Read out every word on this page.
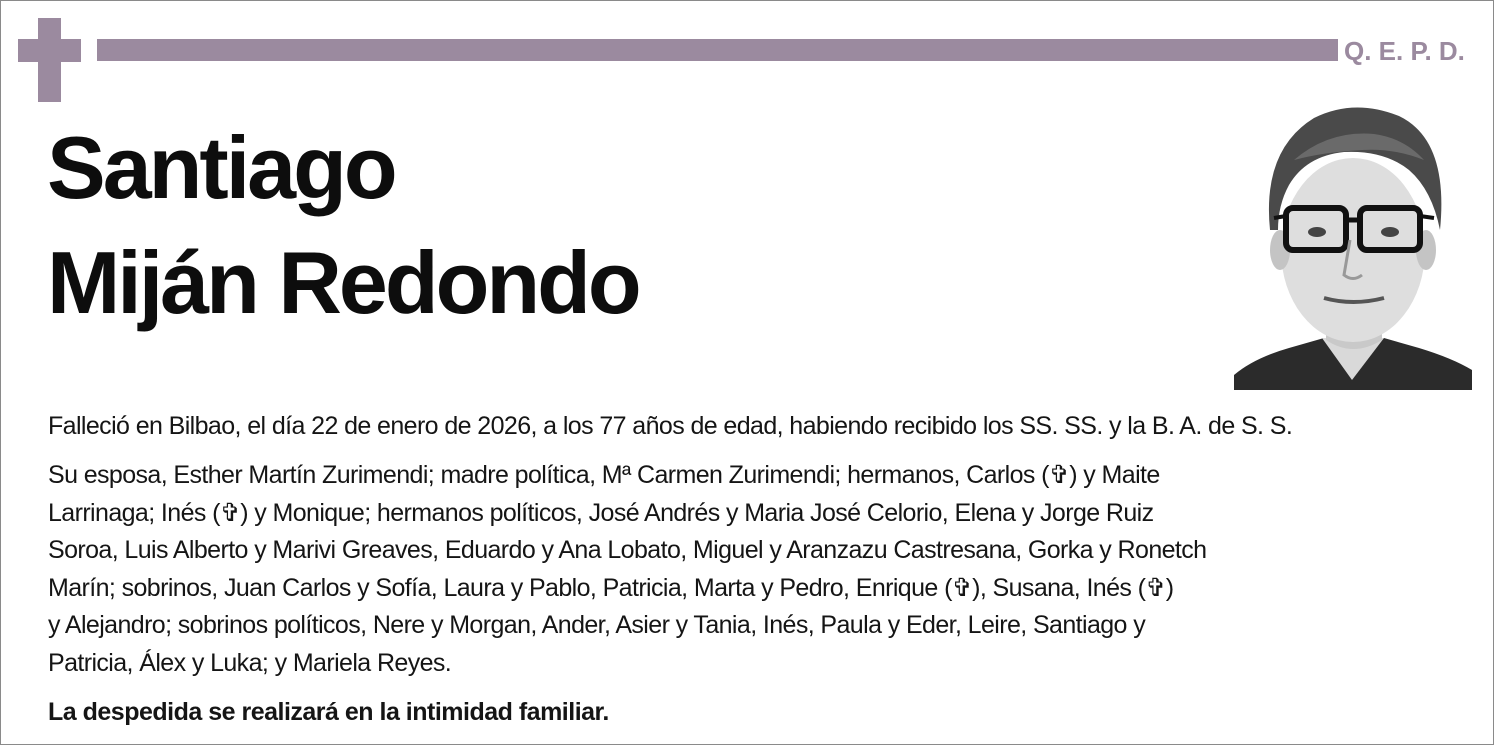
Q. E. P. D.
Santiago
Miján Redondo
Falleció en Bilbao, el día 22 de enero de 2026, a los 77 años de edad, habiendo recibido los SS. SS. y la B. A. de S. S.
Su esposa, Esther Martín Zurimendi; madre política, Mª Carmen Zurimendi; hermanos, Carlos (✞) y Maite
Larrinaga; Inés (✞) y Monique; hermanos políticos, José Andrés y Maria José Celorio, Elena y Jorge Ruiz
Soroa, Luis Alberto y Marivi Greaves, Eduardo y Ana Lobato, Miguel y Aranzazu Castresana, Gorka y Ronetch
Marín; sobrinos, Juan Carlos y Sofía, Laura y Pablo, Patricia, Marta y Pedro, Enrique (✞), Susana, Inés (✞)
y Alejandro; sobrinos políticos, Nere y Morgan, Ander, Asier y Tania, Inés, Paula y Eder, Leire, Santiago y
Patricia, Álex y Luka; y Mariela Reyes.
La despedida se realizará en la intimidad familiar.
